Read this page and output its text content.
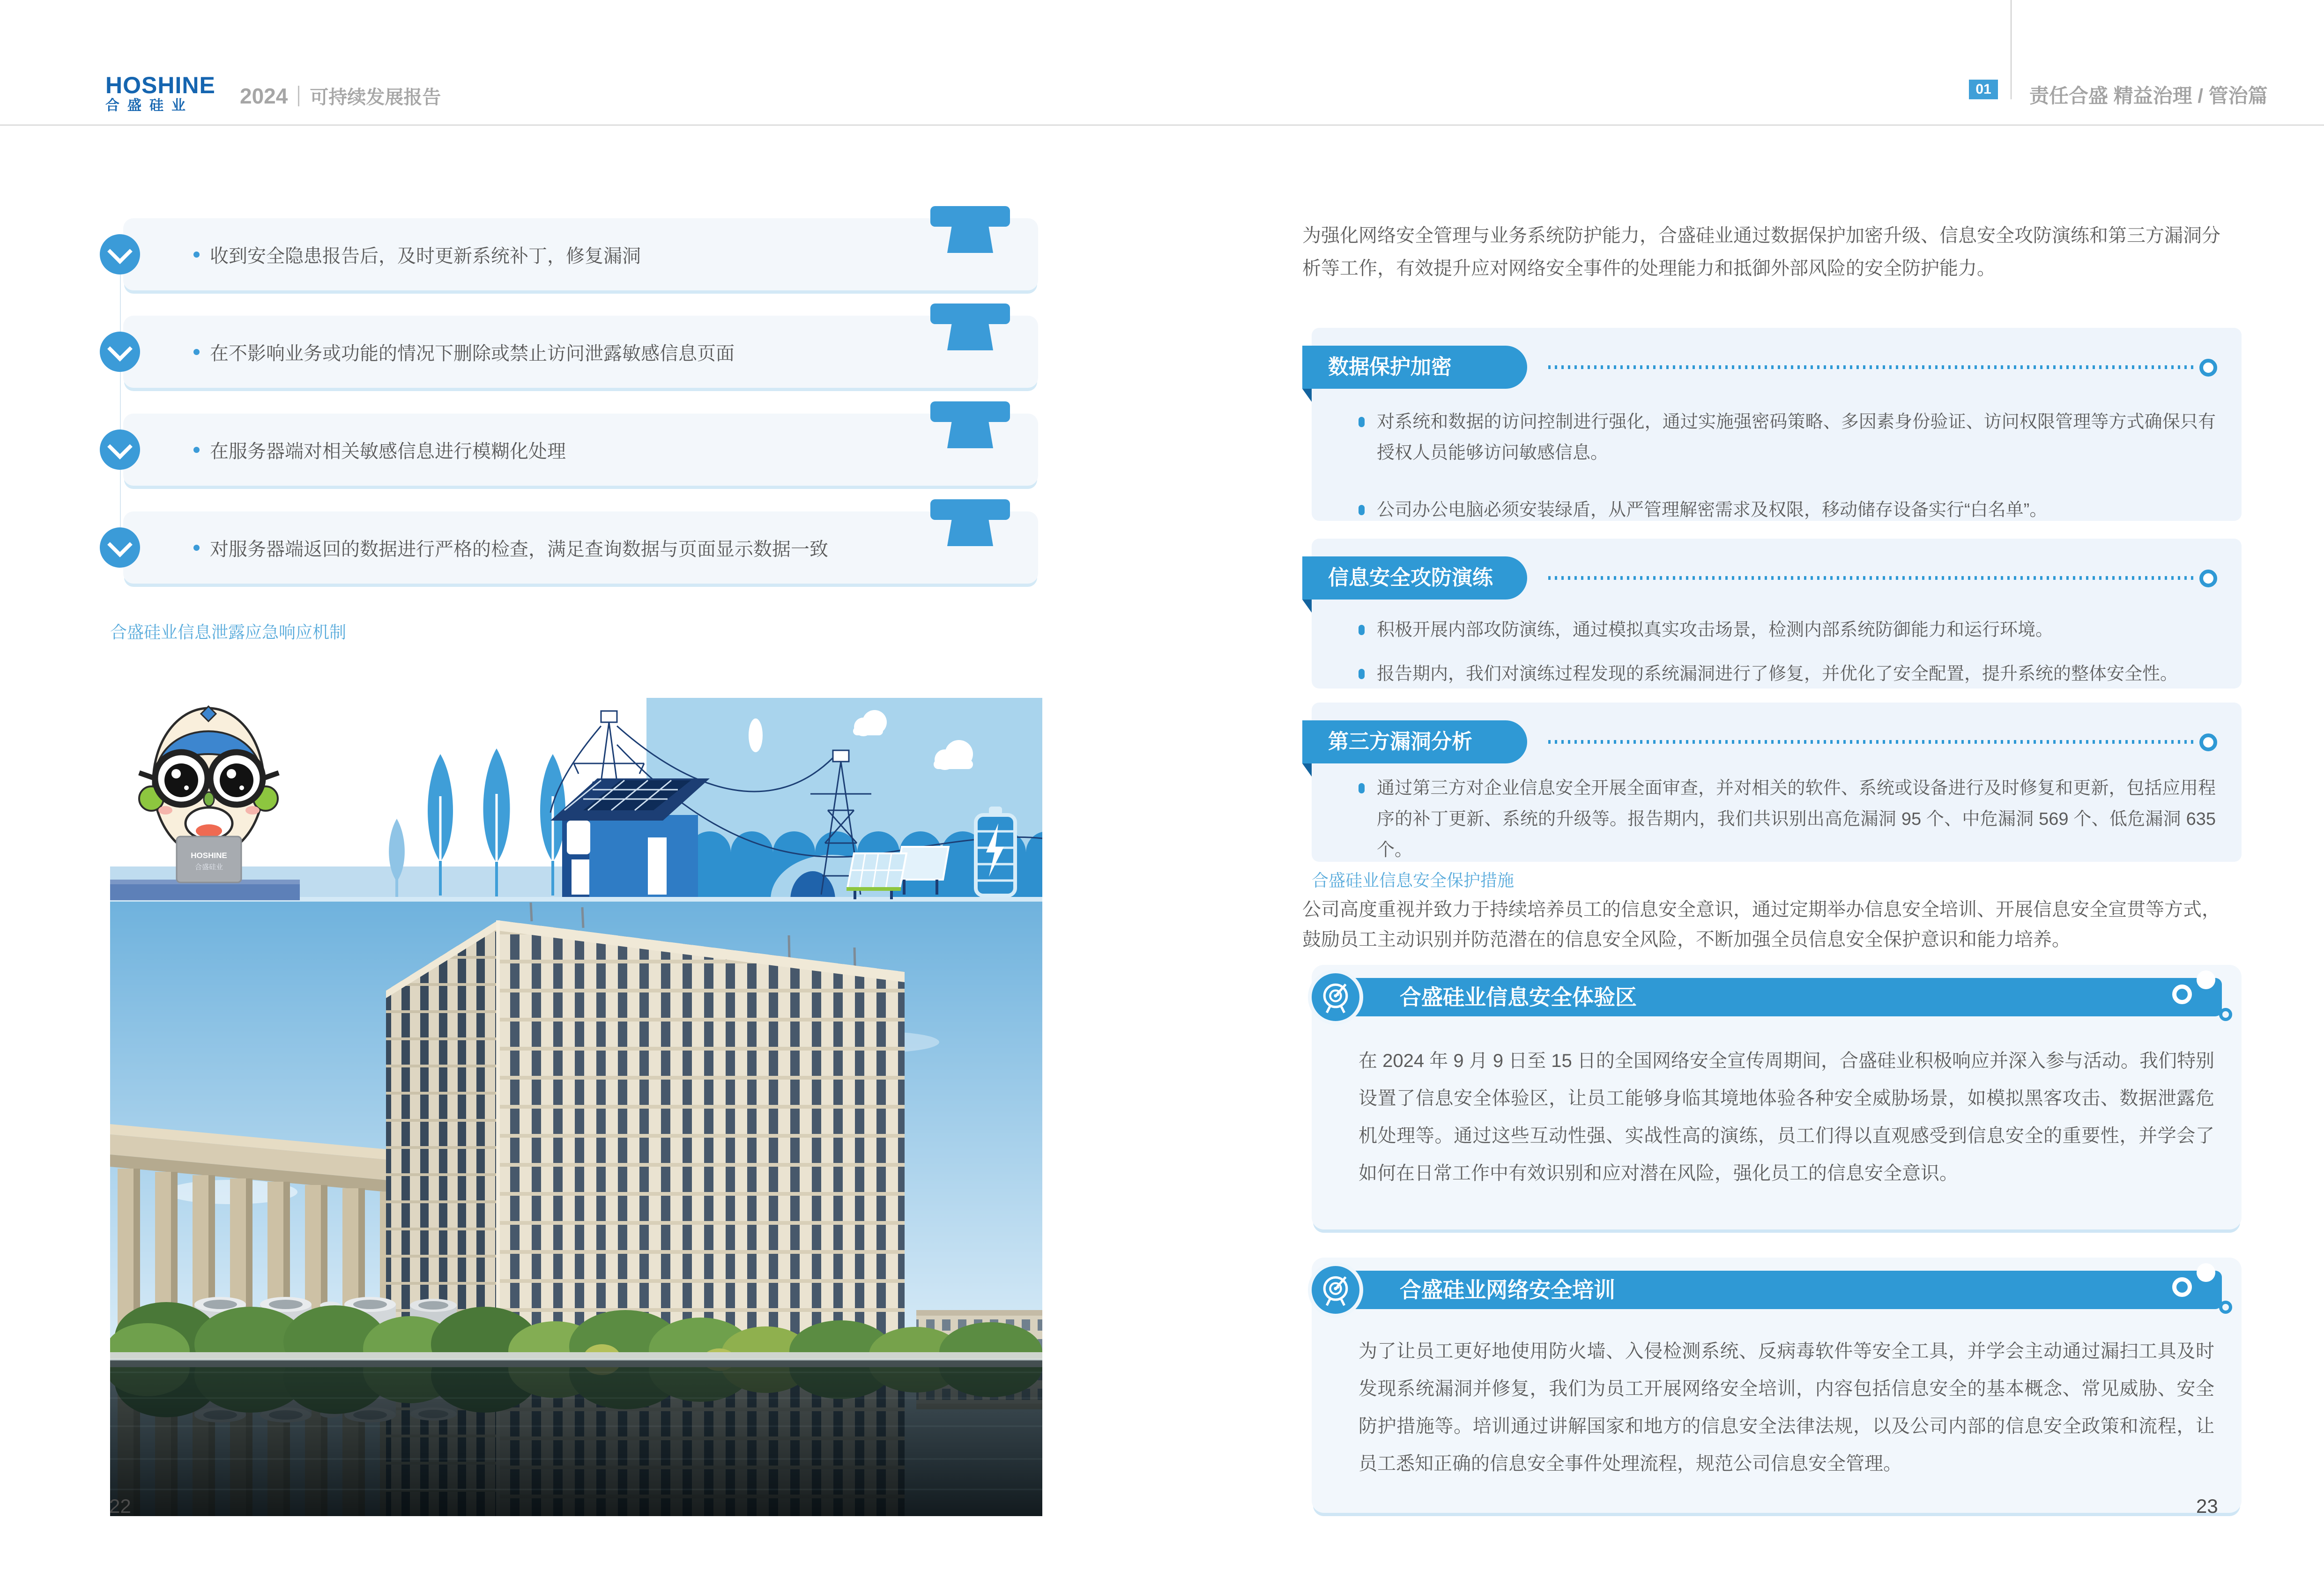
HOSHINE
合盛硅业 2024 可持续发展报告	01	责任合盛 精益治理 / 管治篇
收到安全隐患报告后，及时更新系统补丁，修复漏洞
在不影响业务或功能的情况下删除或禁止访问泄露敏感信息页面
在服务器端对相关敏感信息进行模糊化处理
对服务器端返回的数据进行严格的检查，满足查询数据与页面显示数据一致
合盛硅业信息泄露应急响应机制
HOSHINE
合盛硅业
22
为强化网络安全管理与业务系统防护能力，合盛硅业通过数据保护加密升级、信息安全攻防演练和第三方漏洞分析等工作，有效提升应对网络安全事件的处理能力和抵御外部风险的安全防护能力。
数据保护加密

对系统和数据的访问控制进行强化，通过实施强密码策略、多因素身份验证、访问权限管理等方式确保只有授权人员能够访问敏感信息。

公司办公电脑必须安装绿盾，从严管理解密需求及权限，移动储存设备实行“白名单”。

信息安全攻防演练

积极开展内部攻防演练，通过模拟真实攻击场景，检测内部系统防御能力和运行环境。

报告期内，我们对演练过程发现的系统漏洞进行了修复，并优化了安全配置，提升系统的整体安全性。

第三方漏洞分析

通过第三方对企业信息安全开展全面审查，并对相关的软件、系统或设备进行及时修复和更新，包括应用程序的补丁更新、系统的升级等。报告期内，我们共识别出高危漏洞 95 个、中危漏洞 569 个、低危漏洞 635 个。

合盛硅业信息安全保护措施
公司高度重视并致力于持续培养员工的信息安全意识，通过定期举办信息安全培训、开展信息安全宣贯等方式，鼓励员工主动识别并防范潜在的信息安全风险，不断加强全员信息安全保护意识和能力培养。
合盛硅业信息安全体验区
在 2024 年 9 月 9 日至 15 日的全国网络安全宣传周期间，合盛硅业积极响应并深入参与活动。我们特别设置了信息安全体验区，让员工能够身临其境地体验各种安全威胁场景，如模拟黑客攻击、数据泄露危机处理等。通过这些互动性强、实战性高的演练，员工们得以直观感受到信息安全的重要性，并学会了如何在日常工作中有效识别和应对潜在风险，强化员工的信息安全意识。
合盛硅业网络安全培训
为了让员工更好地使用防火墙、入侵检测系统、反病毒软件等安全工具，并学会主动通过漏扫工具及时发现系统漏洞并修复，我们为员工开展网络安全培训，内容包括信息安全的基本概念、常见威胁、安全防护措施等。培训通过讲解国家和地方的信息安全法律法规，以及公司内部的信息安全政策和流程，让员工悉知正确的信息安全事件处理流程，规范公司信息安全管理。
23
